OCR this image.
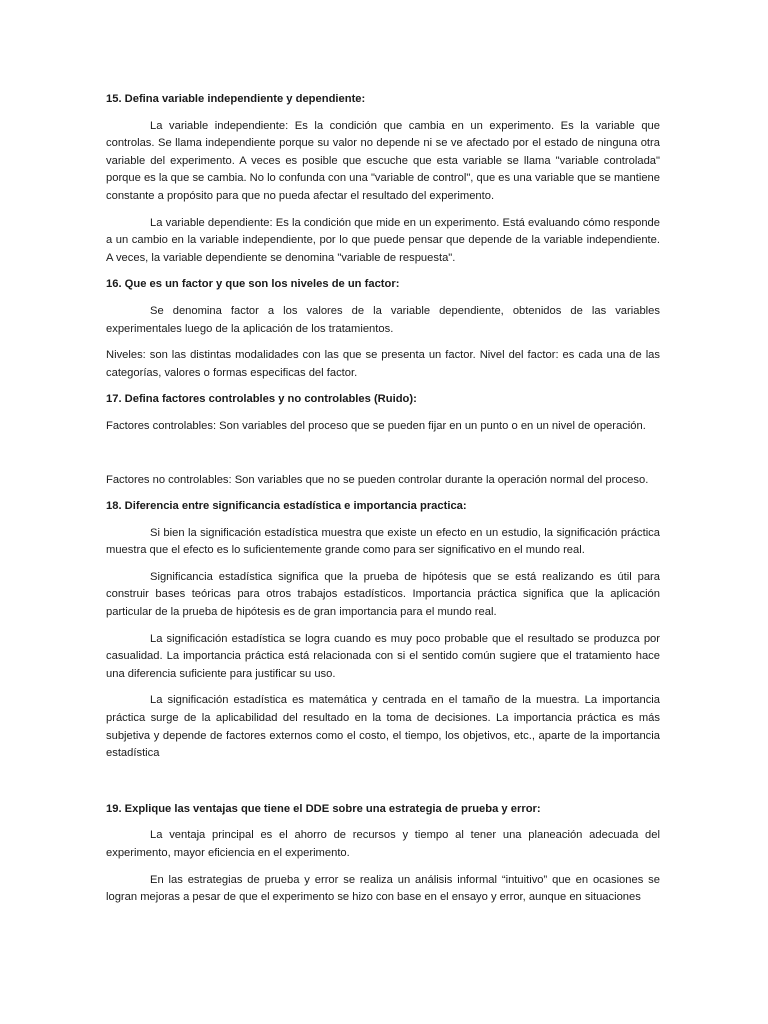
15. Defina variable independiente y dependiente:

La variable independiente: Es la condición que cambia en un experimento. Es la variable que controlas. Se llama independiente porque su valor no depende ni se ve afectado por el estado de ninguna otra variable del experimento. A veces es posible que escuche que esta variable se llama "variable controlada" porque es la que se cambia. No lo confunda con una "variable de control", que es una variable que se mantiene constante a propósito para que no pueda afectar el resultado del experimento.

La variable dependiente: Es la condición que mide en un experimento. Está evaluando cómo responde a un cambio en la variable independiente, por lo que puede pensar que depende de la variable independiente. A veces, la variable dependiente se denomina "variable de respuesta".

16. Que es un factor y que son los niveles de un factor:

Se denomina factor a los valores de la variable dependiente, obtenidos de las variables experimentales luego de la aplicación de los tratamientos.

Niveles: son las distintas modalidades con las que se presenta un factor. Nivel del factor: es cada una de las categorías, valores o formas especificas del factor.

17. Defina factores controlables y no controlables (Ruido):

Factores controlables: Son variables del proceso que se pueden fijar en un punto o en un nivel de operación.

Factores no controlables: Son variables que no se pueden controlar durante la operación normal del proceso.

18. Diferencia entre significancia estadística e importancia practica:

Si bien la significación estadística muestra que existe un efecto en un estudio, la significación práctica muestra que el efecto es lo suficientemente grande como para ser significativo en el mundo real.

Significancia estadística significa que la prueba de hipótesis que se está realizando es útil para construir bases teóricas para otros trabajos estadísticos. Importancia práctica significa que la aplicación particular de la prueba de hipótesis es de gran importancia para el mundo real.

La significación estadística se logra cuando es muy poco probable que el resultado se produzca por casualidad. La importancia práctica está relacionada con si el sentido común sugiere que el tratamiento hace una diferencia suficiente para justificar su uso.

La significación estadística es matemática y centrada en el tamaño de la muestra. La importancia práctica surge de la aplicabilidad del resultado en la toma de decisiones. La importancia práctica es más subjetiva y depende de factores externos como el costo, el tiempo, los objetivos, etc., aparte de la importancia estadística

19. Explique las ventajas que tiene el DDE sobre una estrategia de prueba y error:

La ventaja principal es el ahorro de recursos y tiempo al tener una planeación adecuada del experimento, mayor eficiencia en el experimento.

En las estrategias de prueba y error se realiza un análisis informal “intuitivo” que en ocasiones se logran mejoras a pesar de que el experimento se hizo con base en el ensayo y error, aunque en situaciones
